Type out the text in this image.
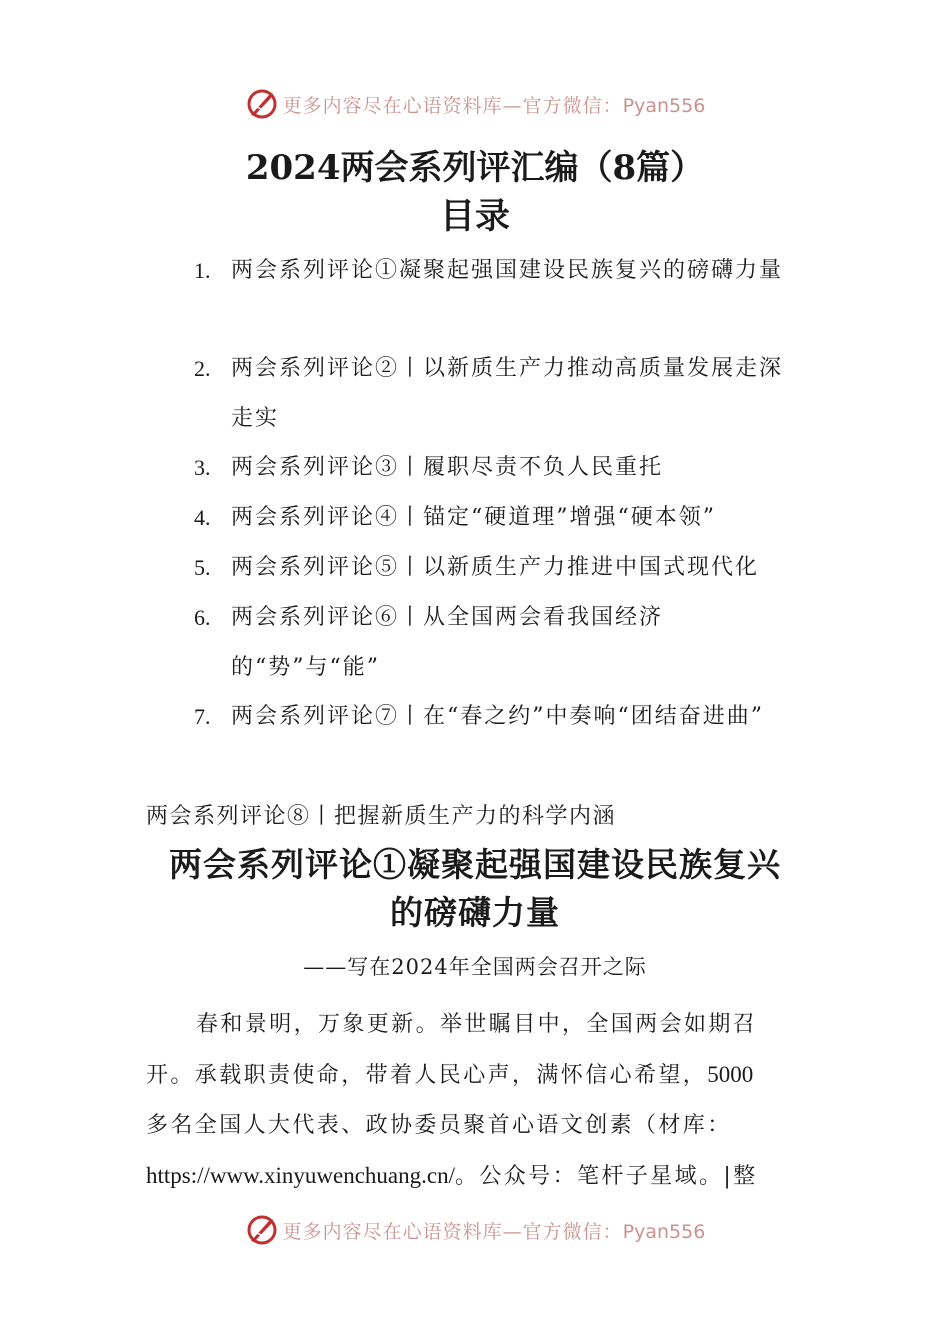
更多内容尽在心语资料库—官方微信：Pyan556
2024两会系列评汇编（8篇）
目录
1. 两会系列评论①凝聚起强国建设民族复兴的磅礴力量
2. 两会系列评论②丨以新质生产力推动高质量发展走深走实
3. 两会系列评论③丨履职尽责不负人民重托
4. 两会系列评论④丨锚定“硬道理”增强“硬本领”
5. 两会系列评论⑤丨以新质生产力推进中国式现代化
6. 两会系列评论⑥丨从全国两会看我国经济的“势”与“能”
7. 两会系列评论⑦丨在“春之约”中奏响“团结奋进曲”
两会系列评论⑧丨把握新质生产力的科学内涵
两会系列评论①凝聚起强国建设民族复兴
的磅礴力量
——写在2024年全国两会召开之际
春和景明，万象更新。举世瞩目中，全国两会如期召
开。承载职责使命，带着人民心声，满怀信心希望，5000
多名全国人大代表、政协委员聚首心语文创素（材库：
https://www.xinyuwenchuang.cn/。公众号：笔杆子星域。|整
更多内容尽在心语资料库—官方微信：Pyan556
